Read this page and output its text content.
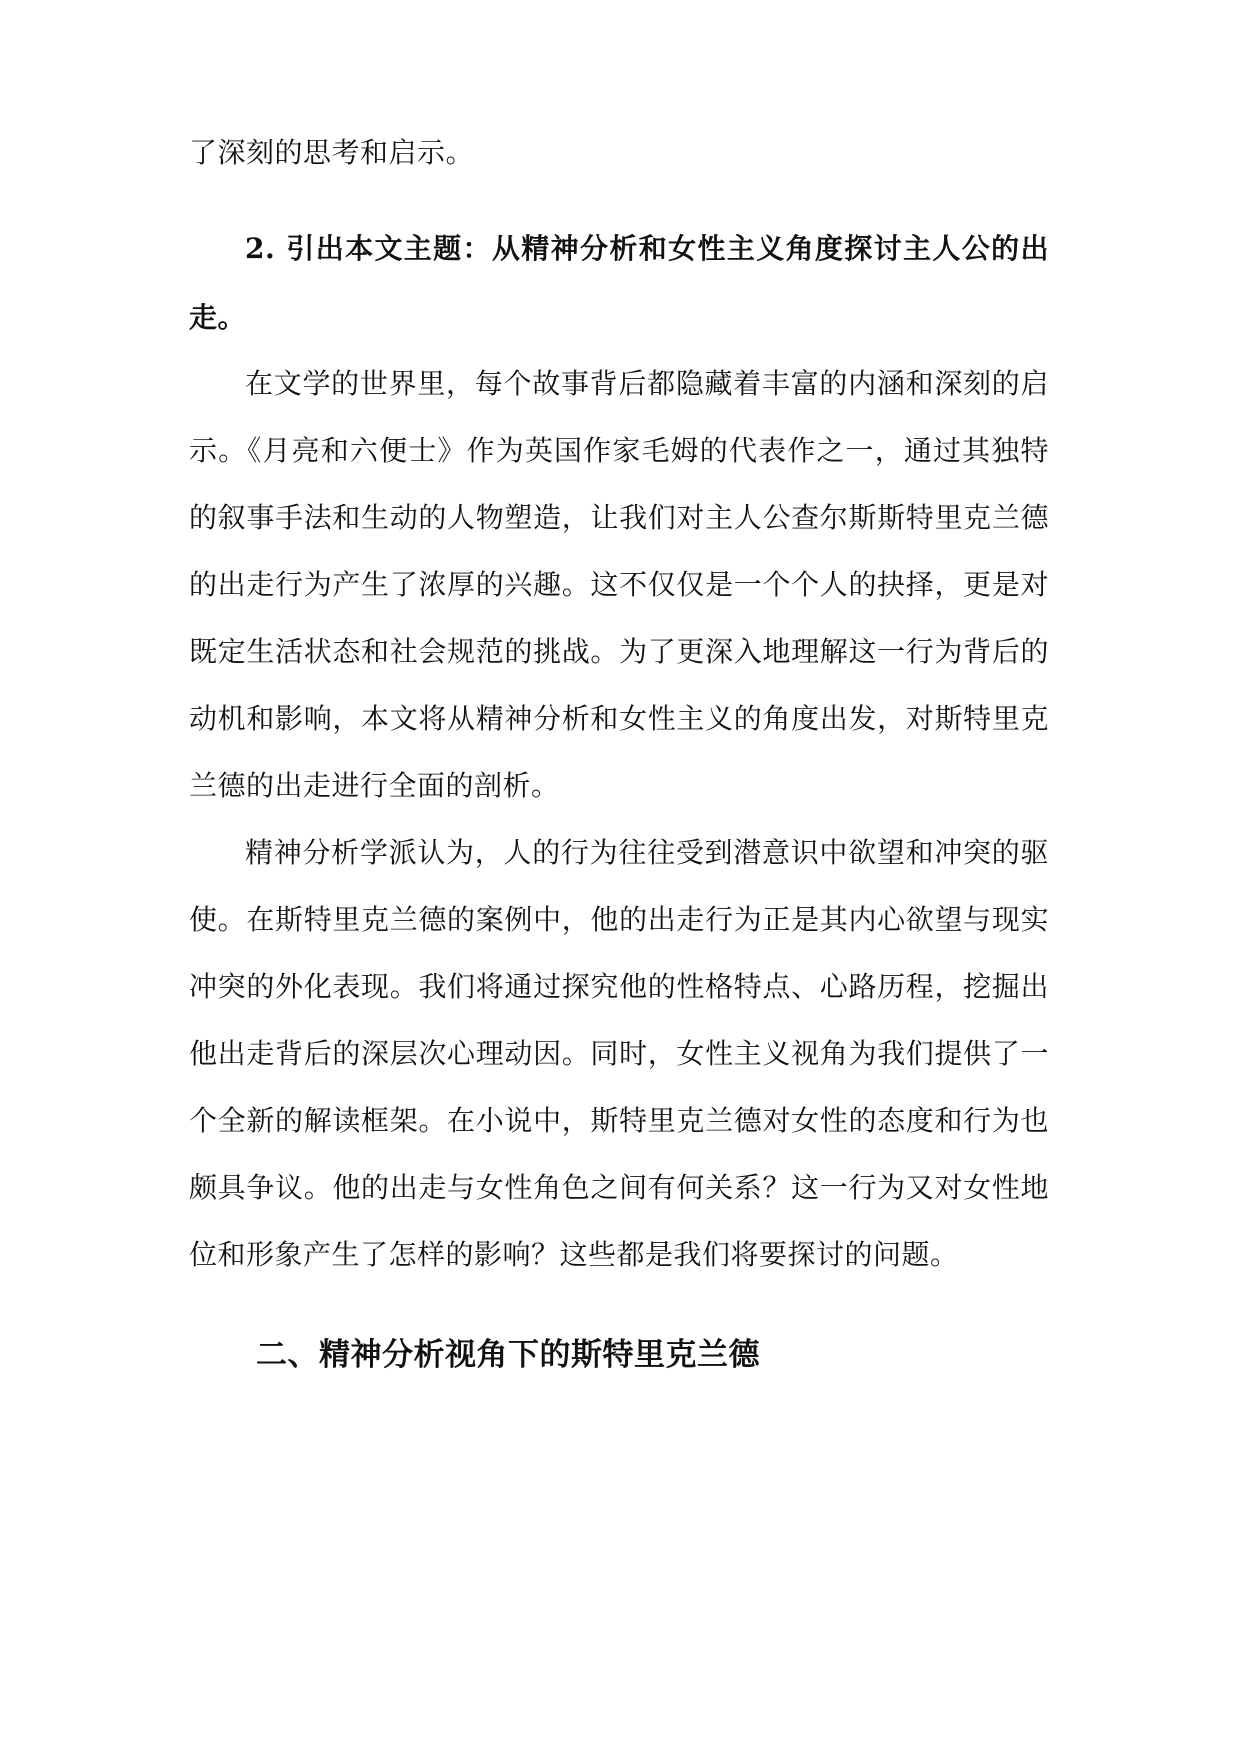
了深刻的思考和启示。
2. 引出本文主题：从精神分析和女性主义角度探讨主人公的出
走。
在文学的世界里，每个故事背后都隐藏着丰富的内涵和深刻的启
示。《月亮和六便士》作为英国作家毛姆的代表作之一，通过其独特
的叙事手法和生动的人物塑造，让我们对主人公查尔斯斯特里克兰德
的出走行为产生了浓厚的兴趣。这不仅仅是一个个人的抉择，更是对
既定生活状态和社会规范的挑战。为了更深入地理解这一行为背后的
动机和影响，本文将从精神分析和女性主义的角度出发，对斯特里克
兰德的出走进行全面的剖析。
精神分析学派认为，人的行为往往受到潜意识中欲望和冲突的驱
使。在斯特里克兰德的案例中，他的出走行为正是其内心欲望与现实
冲突的外化表现。我们将通过探究他的性格特点、心路历程，挖掘出
他出走背后的深层次心理动因。同时，女性主义视角为我们提供了一
个全新的解读框架。在小说中，斯特里克兰德对女性的态度和行为也
颇具争议。他的出走与女性角色之间有何关系？这一行为又对女性地
位和形象产生了怎样的影响？这些都是我们将要探讨的问题。
二、精神分析视角下的斯特里克兰德
